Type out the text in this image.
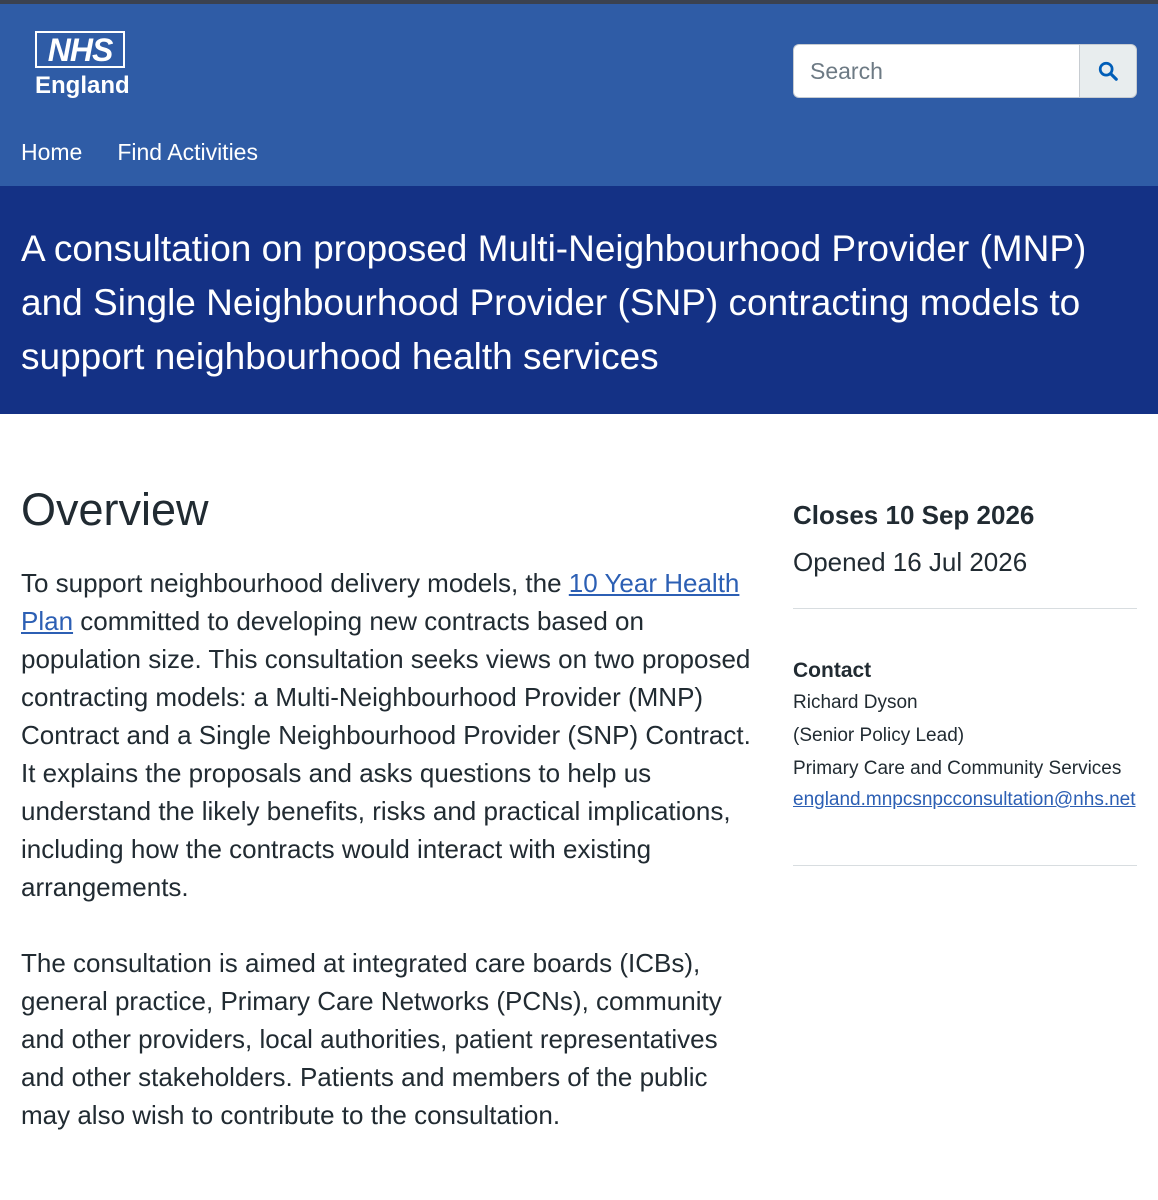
NHS
England
Search
Home Find Activities
A consultation on proposed Multi-Neighbourhood Provider (MNP) and Single Neighbourhood Provider (SNP) contracting models to support neighbourhood health services
Overview

To support neighbourhood delivery models, the 10 Year Health Plan committed to developing new contracts based on population size. This consultation seeks views on two proposed contracting models: a Multi-Neighbourhood Provider (MNP) Contract and a Single Neighbourhood Provider (SNP) Contract. It explains the proposals and asks questions to help us understand the likely benefits, risks and practical implications, including how the contracts would interact with existing arrangements.

The consultation is aimed at integrated care boards (ICBs), general practice, Primary Care Networks (PCNs), community and other providers, local authorities, patient representatives and other stakeholders. Patients and members of the public may also wish to contribute to the consultation.

Closes 10 Sep 2026
Opened 16 Jul 2026
Contact
Richard Dyson
(Senior Policy Lead)
Primary Care and Community Services
england.mnpcsnpcconsultation@nhs.net
